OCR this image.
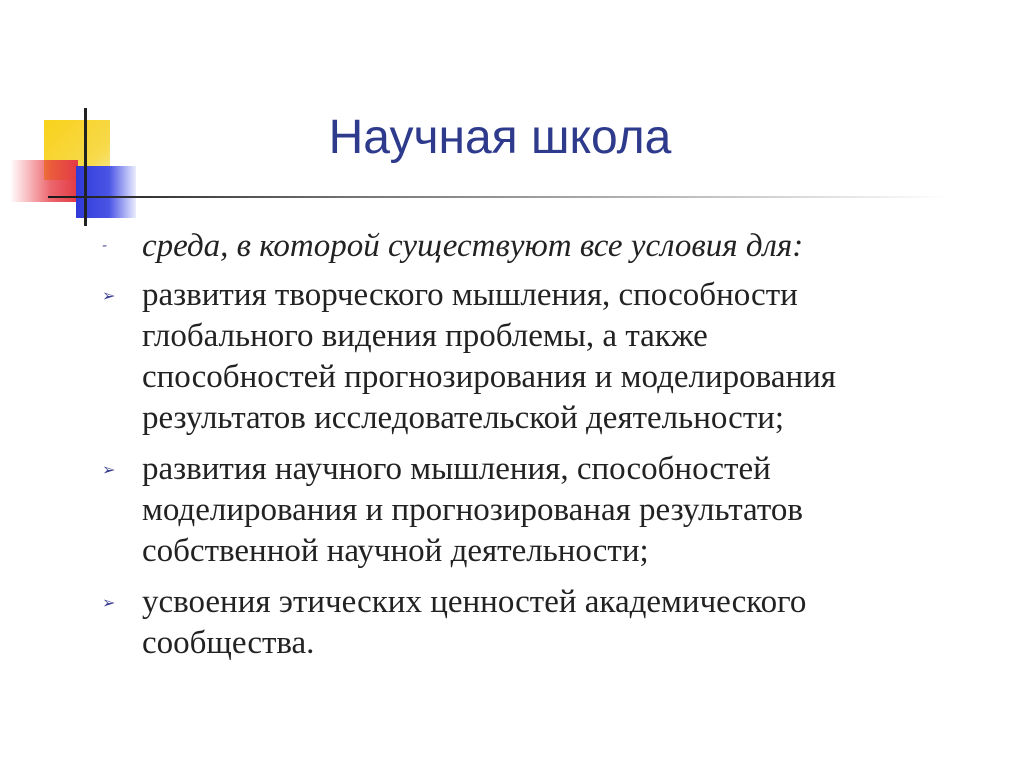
Научная школа
- среда, в которой существуют все условия для:
➢ развития творческого мышления, способности
глобального видения проблемы, а также
способностей прогнозирования и моделирования
результатов исследовательской деятельности;
➢ развития научного мышления, способностей
моделирования и прогнозированая результатов
собственной научной деятельности;
➢ усвоения этических ценностей академического
сообщества.
